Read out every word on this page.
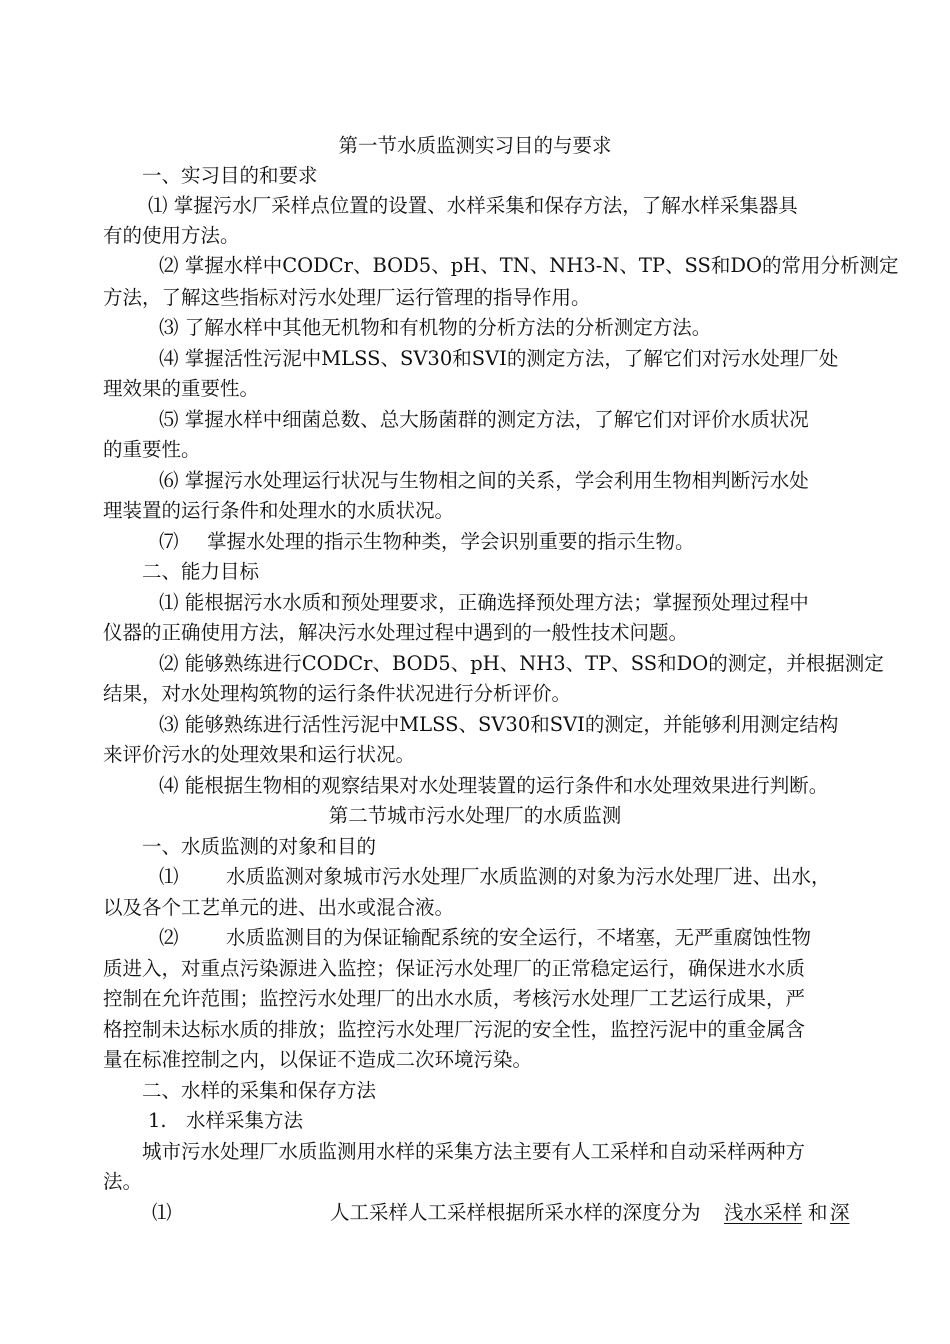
第一节水质监测实习目的与要求
一、实习目的和要求
⑴ 掌握污水厂采样点位置的设置、水样采集和保存方法，了解水样采集器具
有的使用方法。
⑵ 掌握水样中CODCr、BOD5、pH、TN、NH3-N、TP、SS和DO的常用分析测定
方法，了解这些指标对污水处理厂运行管理的指导作用。
⑶ 了解水样中其他无机物和有机物的分析方法的分析测定方法。
⑷ 掌握活性污泥中MLSS、SV30和SVI的测定方法，了解它们对污水处理厂处
理效果的重要性。
⑸ 掌握水样中细菌总数、总大肠菌群的测定方法，了解它们对评价水质状况
的重要性。
⑹ 掌握污水处理运行状况与生物相之间的关系，学会利用生物相判断污水处
理装置的运行条件和处理水的水质状况。
⑺ 掌握水处理的指示生物种类，学会识别重要的指示生物。
二、能力目标
⑴ 能根据污水水质和预处理要求，正确选择预处理方法；掌握预处理过程中
仪器的正确使用方法，解决污水处理过程中遇到的一般性技术问题。
⑵ 能够熟练进行CODCr、BOD5、pH、NH3、TP、SS和DO的测定，并根据测定
结果，对水处理构筑物的运行条件状况进行分析评价。
⑶ 能够熟练进行活性污泥中MLSS、SV30和SVI的测定，并能够利用测定结构
来评价污水的处理效果和运行状况。
⑷ 能根据生物相的观察结果对水处理装置的运行条件和水处理效果进行判断。
第二节城市污水处理厂的水质监测
一、水质监测的对象和目的
⑴ 水质监测对象城市污水处理厂水质监测的对象为污水处理厂进、出水，
以及各个工艺单元的进、出水或混合液。
⑵ 水质监测目的为保证输配系统的安全运行，不堵塞，无严重腐蚀性物
质进入，对重点污染源进入监控；保证污水处理厂的正常稳定运行，确保进水水质
控制在允许范围；监控污水处理厂的出水水质，考核污水处理厂工艺运行成果，严
格控制未达标水质的排放；监控污水处理厂污泥的安全性，监控污泥中的重金属含
量在标准控制之内，以保证不造成二次环境污染。
二、水样的采集和保存方法
1. 水样采集方法
城市污水处理厂水质监测用水样的采集方法主要有人工采样和自动采样两种方
法。
⑴	人工采样人工采样根据所采水样的深度分为 浅水采样 和 深
